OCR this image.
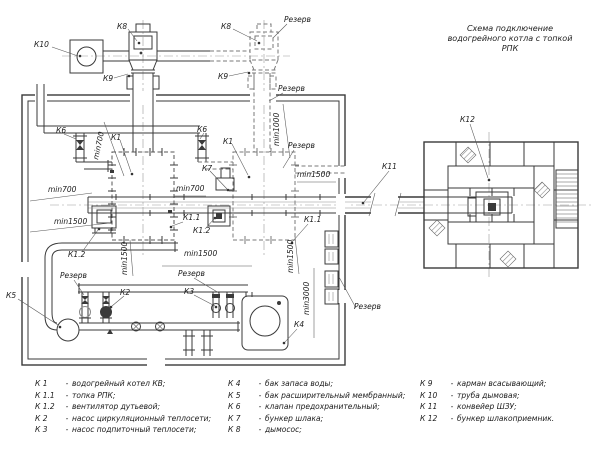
К10
К8	К8
К9	К9
Резерв
Резерв
Резерв
Резерв	Резерв
Резерв
К1	К1
К6	К6
К7
К1.1	К1.1
К1.2
К1.2
К2	К3
К4
К5
К11
К12
min700
min700	min700
min1500
min1500
min1500
min1500	min1500
min1000
min3000
Схема подключение
водогрейного котла с топкой
РПК
К 1	- водогрейный котел КВ;
К 1.1	- топка РПК;
К 1.2	- вентилятор дутьевой;
К 2	- насос циркуляционный теплосети;
К 3	- насос подпиточный теплосети;
К 4	- бак запаса воды;
К 5	- бак расширительный мембранный;
К 6	- клапан предохранительный;
К 7	- бункер шлака;
К 8	- дымосос;
К 9	- карман всасывающий;
К 10	- труба дымовая;
К 11	- конвейер ШЗУ;
К 12	- бункер шлакоприемник.
